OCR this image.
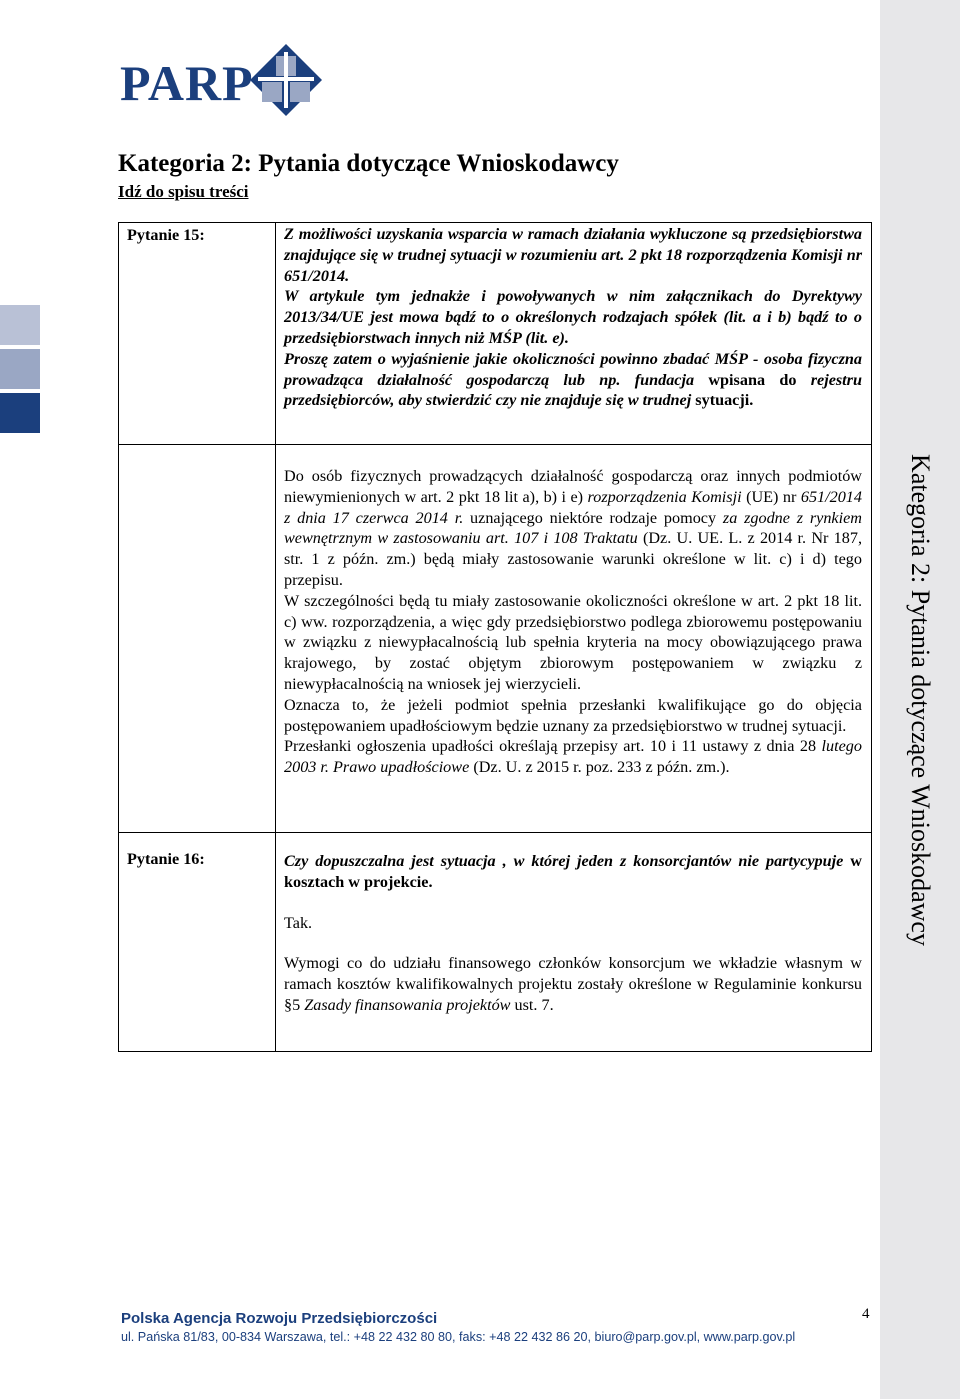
Kategoria 2: Pytania dotyczące Wnioskodawcy
PARP
Kategoria 2: Pytania dotyczące Wnioskodawcy
Idź do spisu treści
Pytanie 15:	Z możliwości uzyskania wsparcia w ramach działania wykluczone są przedsiębiorstwa znajdujące się w trudnej sytuacji w rozumieniu art. 2 pkt 18 rozporządzenia Komisji nr 651/2014.

W artykule tym jednakże i powoływanych w nim załącznikach do Dyrektywy 2013/34/UE jest mowa bądź to o określonych rodzajach spółek (lit. a i b) bądź to o przedsiębiorstwach innych niż MŚP (lit. e).

Proszę zatem o wyjaśnienie jakie okoliczności powinno zbadać MŚP - osoba fizyczna prowadząca działalność gospodarczą lub np. fundacja wpisana do rejestru przedsiębiorców, aby stwierdzić czy nie znajduje się w trudnej sytuacji.

	Do osób fizycznych prowadzących działalność gospodarczą oraz innych podmiotów niewymienionych w art. 2 pkt 18 lit a), b) i e) rozporządzenia Komisji (UE) nr 651/2014 z dnia 17 czerwca 2014 r. uznającego niektóre rodzaje pomocy za zgodne z rynkiem wewnętrznym w zastosowaniu art. 107 i 108 Traktatu (Dz. U. UE. L. z 2014 r. Nr 187, str. 1 z późn. zm.) będą miały zastosowanie warunki określone w lit. c) i d) tego przepisu.

W szczególności będą tu miały zastosowanie okoliczności określone w art. 2 pkt 18 lit. c) ww. rozporządzenia, a więc gdy przedsiębiorstwo podlega zbiorowemu postępowaniu w związku z niewypłacalnością lub spełnia kryteria na mocy obowiązującego prawa krajowego, by zostać objętym zbiorowym postępowaniem w związku z niewypłacalnością na wniosek jej wierzycieli.

Oznacza to, że jeżeli podmiot spełnia przesłanki kwalifikujące go do objęcia postępowaniem upadłościowym będzie uznany za przedsiębiorstwo w trudnej sytuacji.

Przesłanki ogłoszenia upadłości określają przepisy art. 10 i 11 ustawy z dnia 28 lutego 2003 r. Prawo upadłościowe (Dz. U. z 2015 r. poz. 233 z późn. zm.).

Pytanie 16:	Czy dopuszczalna jest sytuacja , w której jeden z konsorcjantów nie partycypuje w kosztach w projekcie.

Tak.

Wymogi co do udziału finansowego członków konsorcjum we wkładzie własnym w ramach kosztów kwalifikowalnych projektu zostały określone w Regulaminie konkursu §5 Zasady finansowania projektów ust. 7.

Polska Agencja Rozwoju Przedsiębiorczości
ul. Pańska 81/83, 00-834 Warszawa, tel.: +48 22 432 80 80, faks: +48 22 432 86 20, biuro@parp.gov.pl, www.parp.gov.pl
4
